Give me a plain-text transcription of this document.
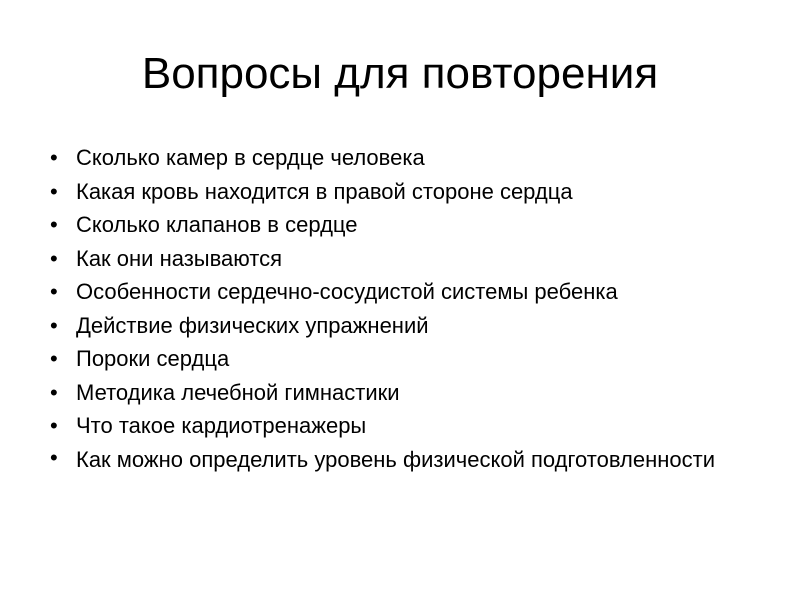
Вопросы для повторения
• Сколько камер в сердце человека
• Какая кровь находится в правой стороне сердца
• Сколько клапанов в сердце
• Как они называются
• Особенности сердечно-сосудистой системы ребенка
• Действие физических упражнений
• Пороки сердца
• Методика лечебной гимнастики
• Что такое кардиотренажеры
• Как можно определить уровень физической подготовленности
